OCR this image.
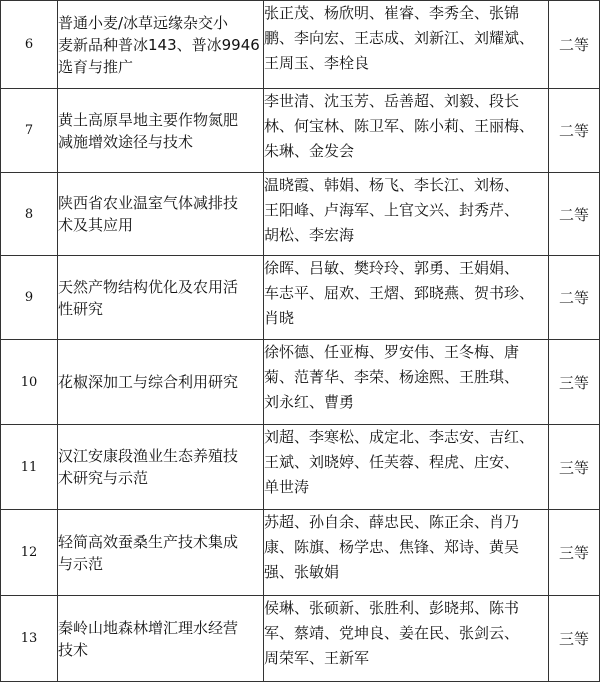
6	普通小麦/冰草远缘杂交小
麦新品种普冰143、普冰9946
选育与推广	张正茂、杨欣明、崔睿、李秀全、张锦
鹏、李向宏、王志成、刘新江、刘耀斌、
王周玉、李栓良	二等
7	黄土高原旱地主要作物氮肥
减施增效途径与技术	李世清、沈玉芳、岳善超、刘毅、段长
林、何宝林、陈卫军、陈小莉、王丽梅、
朱琳、金发会	二等
8	陕西省农业温室气体减排技
术及其应用	温晓霞、韩娟、杨飞、李长江、刘杨、
王阳峰、卢海军、上官文兴、封秀芹、
胡松、李宏海	二等
9	天然产物结构优化及农用活
性研究	徐晖、吕敏、樊玲玲、郭勇、王娟娟、
车志平、屈欢、王熠、郅晓燕、贺书珍、
肖晓	二等
10	花椒深加工与综合利用研究	徐怀德、任亚梅、罗安伟、王冬梅、唐
菊、范菁华、李荣、杨途熙、王胜琪、
刘永红、曹勇	三等
11	汉江安康段渔业生态养殖技
术研究与示范	刘超、李寒松、成定北、李志安、吉红、
王斌、刘晓婷、任芙蓉、程虎、庄安、
单世涛	三等
12	轻简高效蚕桑生产技术集成
与示范	苏超、孙自余、薛忠民、陈正余、肖乃
康、陈旗、杨学忠、焦锋、郑诗、黄吴
强、张敏娟	三等
13	秦岭山地森林增汇理水经营
技术	侯琳、张硕新、张胜利、彭晓邦、陈书
军、蔡靖、党坤良、姜在民、张剑云、
周荣军、王新军	三等
